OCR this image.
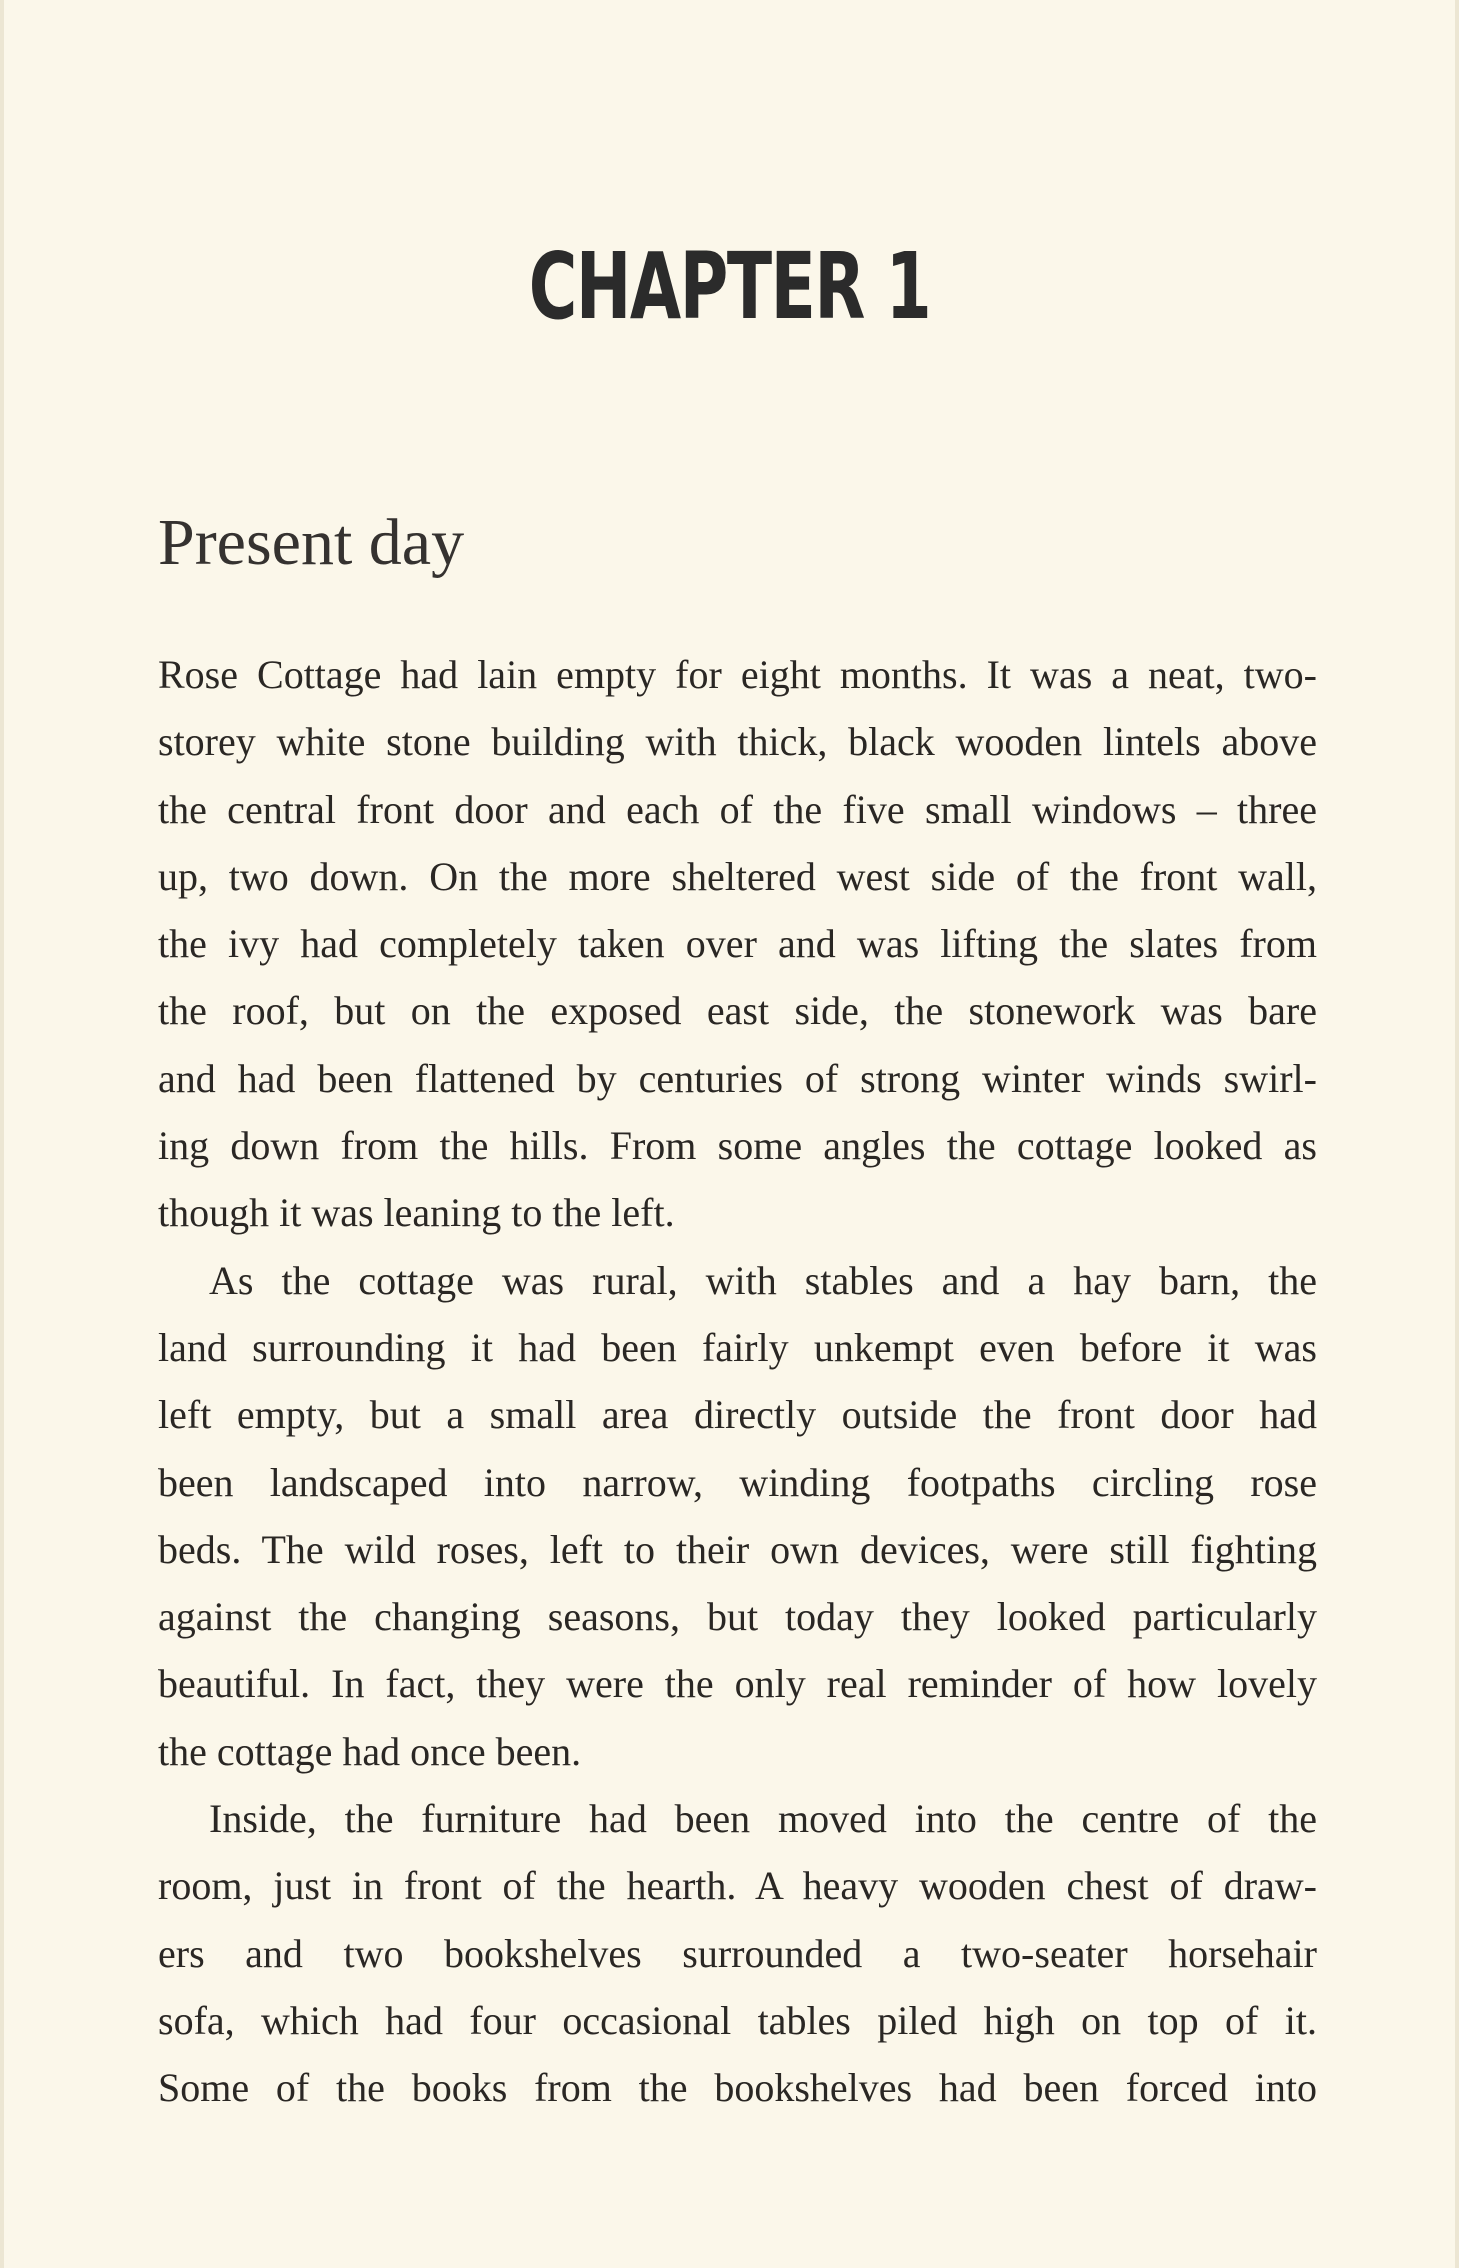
CHAPTER 1
Present day

Rose Cottage had lain empty for eight months. It was a neat, two-
storey white stone building with thick, black wooden lintels above
the central front door and each of the five small windows – three
up, two down. On the more sheltered west side of the front wall,
the ivy had completely taken over and was lifting the slates from
the roof, but on the exposed east side, the stonework was bare
and had been flattened by centuries of strong winter winds swirl-
ing down from the hills. From some angles the cottage looked as
though it was leaning to the left.

As the cottage was rural, with stables and a hay barn, the
land surrounding it had been fairly unkempt even before it was
left empty, but a small area directly outside the front door had
been landscaped into narrow, winding footpaths circling rose
beds. The wild roses, left to their own devices, were still fighting
against the changing seasons, but today they looked particularly
beautiful. In fact, they were the only real reminder of how lovely
the cottage had once been.

Inside, the furniture had been moved into the centre of the
room, just in front of the hearth. A heavy wooden chest of draw-
ers and two bookshelves surrounded a two-seater horsehair
sofa, which had four occasional tables piled high on top of it.
Some of the books from the bookshelves had been forced into
